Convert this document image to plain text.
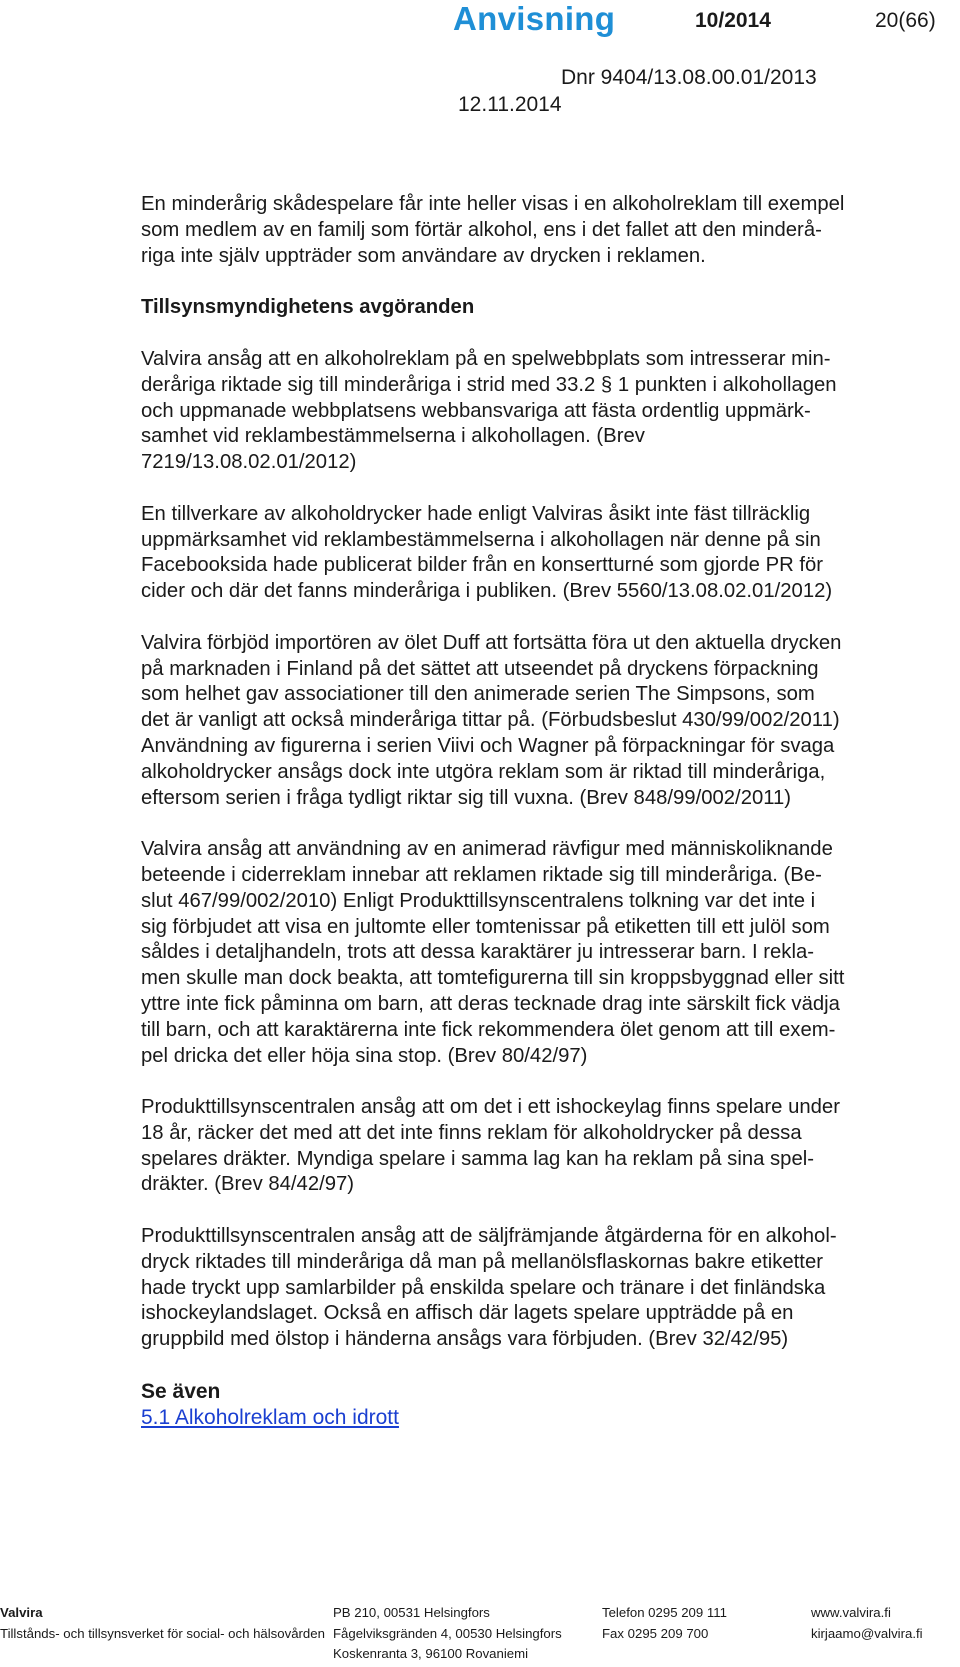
Anvisning	10/2014	20(66)
Dnr 9404/13.08.00.01/2013
12.11.2014

En minderårig skådespelare får inte heller visas i en alkoholreklam till exempel
som medlem av en familj som förtär alkohol, ens i det fallet att den minderå-
riga inte själv uppträder som användare av drycken i reklamen.

Tillsynsmyndighetens avgöranden

Valvira ansåg att en alkoholreklam på en spelwebbplats som intresserar min-
deråriga riktade sig till minderåriga i strid med 33.2 § 1 punkten i alkohollagen
och uppmanade webbplatsens webbansvariga att fästa ordentlig uppmärk-
samhet vid reklambestämmelserna i alkohollagen. (Brev
7219/13.08.02.01/2012)

En tillverkare av alkoholdrycker hade enligt Valviras åsikt inte fäst tillräcklig
uppmärksamhet vid reklambestämmelserna i alkohollagen när denne på sin
Facebooksida hade publicerat bilder från en konsertturné som gjorde PR för
cider och där det fanns minderåriga i publiken. (Brev 5560/13.08.02.01/2012)

Valvira förbjöd importören av ölet Duff att fortsätta föra ut den aktuella drycken
på marknaden i Finland på det sättet att utseendet på dryckens förpackning
som helhet gav associationer till den animerade serien The Simpsons, som
det är vanligt att också minderåriga tittar på. (Förbudsbeslut 430/99/002/2011)
Användning av figurerna i serien Viivi och Wagner på förpackningar för svaga
alkoholdrycker ansågs dock inte utgöra reklam som är riktad till minderåriga,
eftersom serien i fråga tydligt riktar sig till vuxna. (Brev 848/99/002/2011)

Valvira ansåg att användning av en animerad rävfigur med människoliknande
beteende i ciderreklam innebar att reklamen riktade sig till minderåriga. (Be-
slut 467/99/002/2010) Enligt Produkttillsynscentralens tolkning var det inte i
sig förbjudet att visa en jultomte eller tomtenissar på etiketten till ett julöl som
såldes i detaljhandeln, trots att dessa karaktärer ju intresserar barn. I rekla-
men skulle man dock beakta, att tomtefigurerna till sin kroppsbyggnad eller sitt
yttre inte fick påminna om barn, att deras tecknade drag inte särskilt fick vädja
till barn, och att karaktärerna inte fick rekommendera ölet genom att till exem-
pel dricka det eller höja sina stop. (Brev 80/42/97)

Produkttillsynscentralen ansåg att om det i ett ishockeylag finns spelare under
18 år, räcker det med att det inte finns reklam för alkoholdrycker på dessa
spelares dräkter. Myndiga spelare i samma lag kan ha reklam på sina spel-
dräkter. (Brev 84/42/97)

Produkttillsynscentralen ansåg att de säljfrämjande åtgärderna för en alkohol-
dryck riktades till minderåriga då man på mellanölsflaskornas bakre etiketter
hade tryckt upp samlarbilder på enskilda spelare och tränare i det finländska
ishockeylandslaget. Också en affisch där lagets spelare uppträdde på en
gruppbild med ölstop i händerna ansågs vara förbjuden. (Brev 32/42/95)

Se även
5.1 Alkoholreklam och idrott
Valvira
Tillstånds- och tillsynsverket för social- och hälsovården
PB 210, 00531 Helsingfors
Fågelviksgränden 4, 00530 Helsingfors
Koskenranta 3, 96100 Rovaniemi
Telefon 0295 209 111
Fax 0295 209 700
www.valvira.fi
kirjaamo@valvira.fi
